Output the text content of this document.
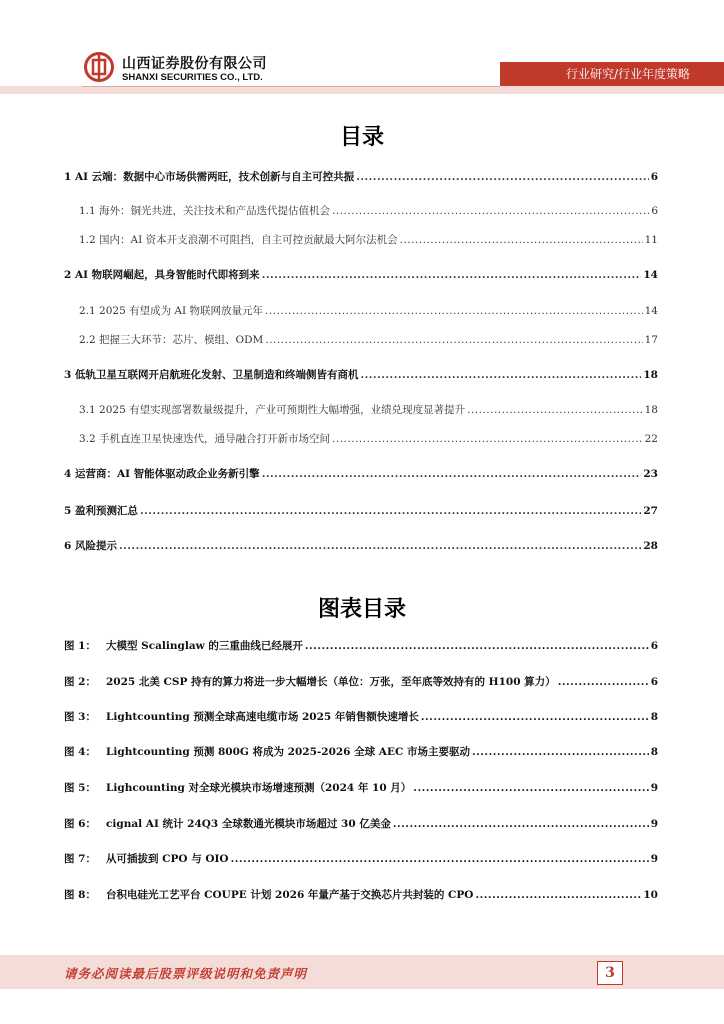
山西证券股份有限公司
SHANXI SECURITIES CO., LTD.	行业研究/行业年度策略
目录
1 AI 云端：数据中心市场供需两旺，技术创新与自主可控共振 .....	6
1.1 海外：铜光共进，关注技术和产品迭代提估值机会 .....	6
1.2 国内：AI 资本开支浪潮不可阻挡，自主可控贡献最大阿尔法机会 .....	11
2 AI 物联网崛起，具身智能时代即将到来 .....	14
2.1 2025 有望成为 AI 物联网放量元年 .....	14
2.2 把握三大环节：芯片、模组、ODM .....	17
3 低轨卫星互联网开启航班化发射、卫星制造和终端侧皆有商机 .....	18
3.1 2025 有望实现部署数量级提升，产业可预期性大幅增强，业绩兑现度显著提升 .....	18
3.2 手机直连卫星快速迭代，通导融合打开新市场空间 .....	22
4 运营商：AI 智能体驱动政企业务新引擎 .....	23
5 盈利预测汇总 .....	27
6 风险提示 .....	28
图表目录
图 1： 大模型 Scalinglaw 的三重曲线已经展开 .....	6
图 2： 2025 北美 CSP 持有的算力将进一步大幅增长（单位：万张，至年底等效持有的 H100 算力） .....	6
图 3： Lightcounting 预测全球高速电缆市场 2025 年销售额快速增长 .....	8
图 4： Lightcounting 预测 800G 将成为 2025-2026 全球 AEC 市场主要驱动 .....	8
图 5： Lighcounting 对全球光模块市场增速预测（2024 年 10 月） .....	9
图 6： cignal AI 统计 24Q3 全球数通光模块市场超过 30 亿美金 .....	9
图 7： 从可插拔到 CPO 与 OIO .....	9
图 8： 台积电硅光工艺平台 COUPE 计划 2026 年量产基于交换芯片共封装的 CPO .....	10
请务必阅读最后股票评级说明和免责声明	3
